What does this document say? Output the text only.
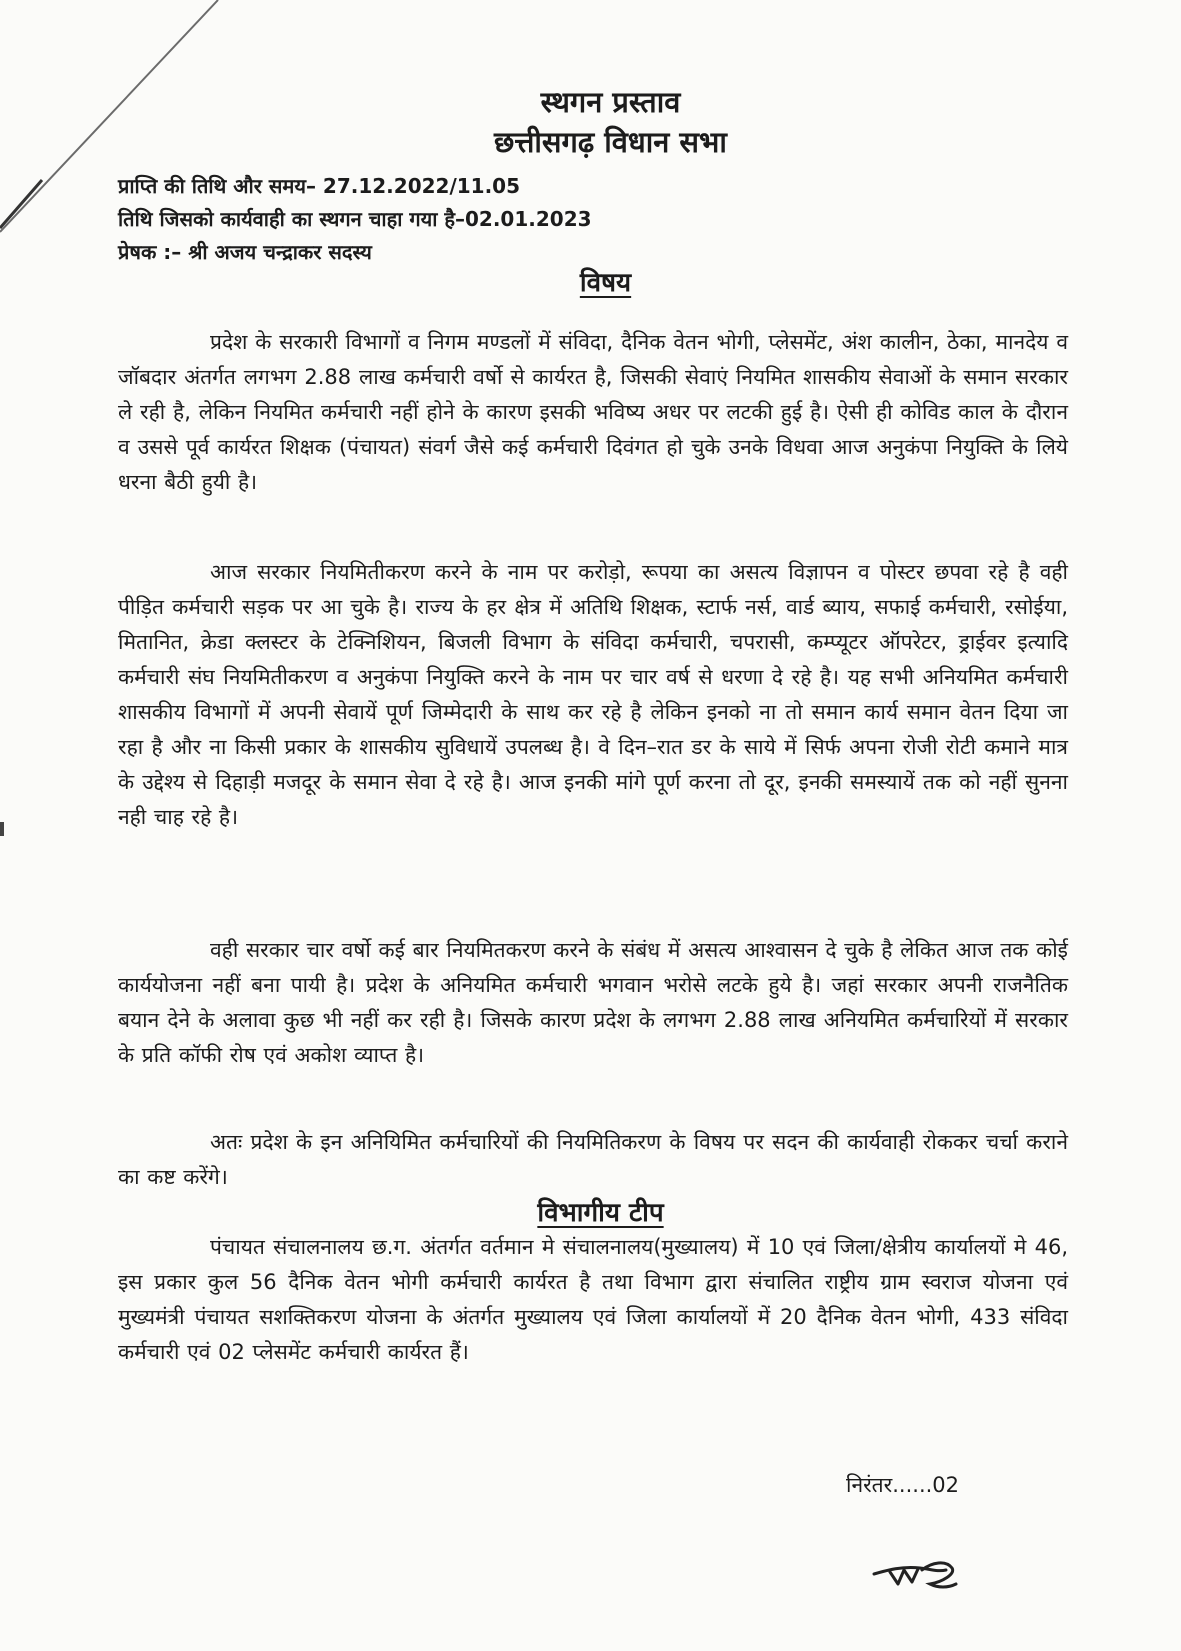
स्थगन प्रस्ताव
छत्तीसगढ़ विधान सभा
प्राप्ति की तिथि और समय– 27.12.2022/11.05
तिथि जिसको कार्यवाही का स्थगन चाहा गया है–02.01.2023
प्रेषक :– श्री अजय चन्द्राकर सदस्य
विषय

प्रदेश के सरकारी विभागों व निगम मण्डलों में संविदा, दैनिक वेतन भोगी, प्लेसमेंट, अंश कालीन, ठेका, मानदेय व जॉबदार अंतर्गत लगभग 2.88 लाख कर्मचारी वर्षो से कार्यरत है, जिसकी सेवाएं नियमित शासकीय सेवाओं के समान सरकार ले रही है, लेकिन नियमित कर्मचारी नहीं होने के कारण इसकी भविष्य अधर पर लटकी हुई है। ऐसी ही कोविड काल के दौरान व उससे पूर्व कार्यरत शिक्षक (पंचायत) संवर्ग जैसे कई कर्मचारी दिवंगत हो चुके उनके विधवा आज अनुकंपा नियुक्ति के लिये धरना बैठी हुयी है।

आज सरकार नियमितीकरण करने के नाम पर करोड़ो, रूपया का असत्य विज्ञापन व पोस्टर छपवा रहे है वही पीड़ित कर्मचारी सड़क पर आ चुके है। राज्य के हर क्षेत्र में अतिथि शिक्षक, स्टार्फ नर्स, वार्ड ब्याय, सफाई कर्मचारी, रसोईया, मितानित, क्रेडा क्लस्टर के टेक्निशियन, बिजली विभाग के संविदा कर्मचारी, चपरासी, कम्प्यूटर ऑपरेटर, ड्राईवर इत्यादि कर्मचारी संघ नियमितीकरण व अनुकंपा नियुक्ति करने के नाम पर चार वर्ष से धरणा दे रहे है। यह सभी अनियमित कर्मचारी शासकीय विभागों में अपनी सेवायें पूर्ण जिम्मेदारी के साथ कर रहे है लेकिन इनको ना तो समान कार्य समान वेतन दिया जा रहा है और ना किसी प्रकार के शासकीय सुविधायें उपलब्ध है। वे दिन–रात डर के साये में सिर्फ अपना रोजी रोटी कमाने मात्र के उद्देश्य से दिहाड़ी मजदूर के समान सेवा दे रहे है। आज इनकी मांगे पूर्ण करना तो दूर, इनकी समस्यायें तक को नहीं सुनना नही चाह रहे है।

वही सरकार चार वर्षो कई बार नियमितकरण करने के संबंध में असत्य आश्वासन दे चुके है लेकित आज तक कोई कार्ययोजना नहीं बना पायी है। प्रदेश के अनियमित कर्मचारी भगवान भरोसे लटके हुये है। जहां सरकार अपनी राजनैतिक बयान देने के अलावा कुछ भी नहीं कर रही है। जिसके कारण प्रदेश के लगभग 2.88 लाख अनियमित कर्मचारियों में सरकार के प्रति कॉफी रोष एवं अकोश व्याप्त है।

अतः प्रदेश के इन अनियिमित कर्मचारियों की नियमितिकरण के विषय पर सदन की कार्यवाही रोककर चर्चा कराने का कष्ट करेंगे।

विभागीय टीप

पंचायत संचालनालय छ.ग. अंतर्गत वर्तमान मे संचालनालय(मुख्यालय) में 10 एवं जिला/क्षेत्रीय कार्यालयों मे 46, इस प्रकार कुल 56 दैनिक वेतन भोगी कर्मचारी कार्यरत है तथा विभाग द्वारा संचालित राष्ट्रीय ग्राम स्वराज योजना एवं मुख्यमंत्री पंचायत सशक्तिकरण योजना के अंतर्गत मुख्यालय एवं जिला कार्यालयों में 20 दैनिक वेतन भोगी, 433 संविदा कर्मचारी एवं 02 प्लेसमेंट कर्मचारी कार्यरत हैं।

निरंतर......02
